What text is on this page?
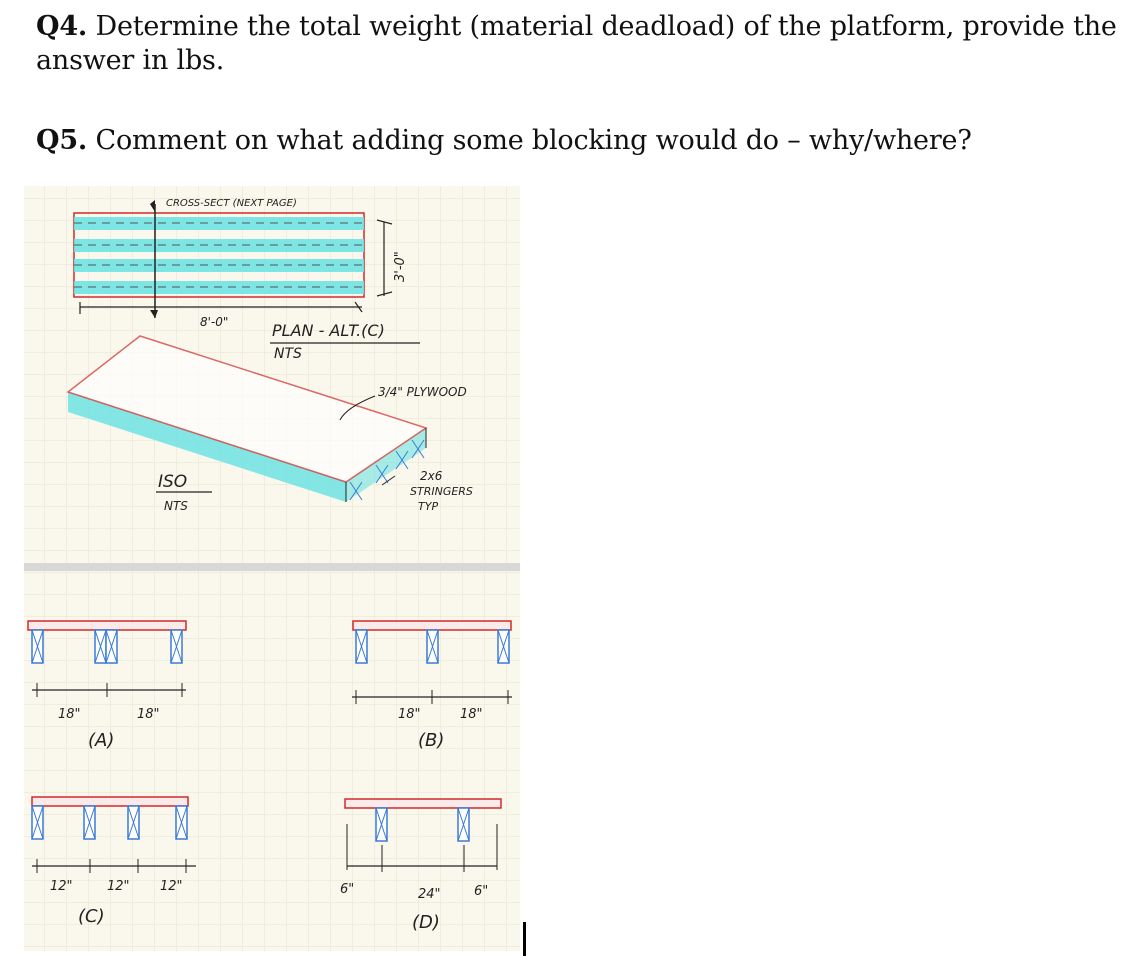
Q4. Determine the total weight (material deadload) of the platform, provide the answer in lbs.

Q5. Comment on what adding some blocking would do – why/where?

CROSS-SECT (NEXT PAGE)
8'-0"
3'-0"
PLAN - ALT.(C)
NTS
3/4" PLYWOOD
ISO
NTS
2x6
STRINGERS
TYP
18"	18"
(A)
18"	18"
(B)
12"	12" 12"
(C)
6"	24"	6"
(D)
